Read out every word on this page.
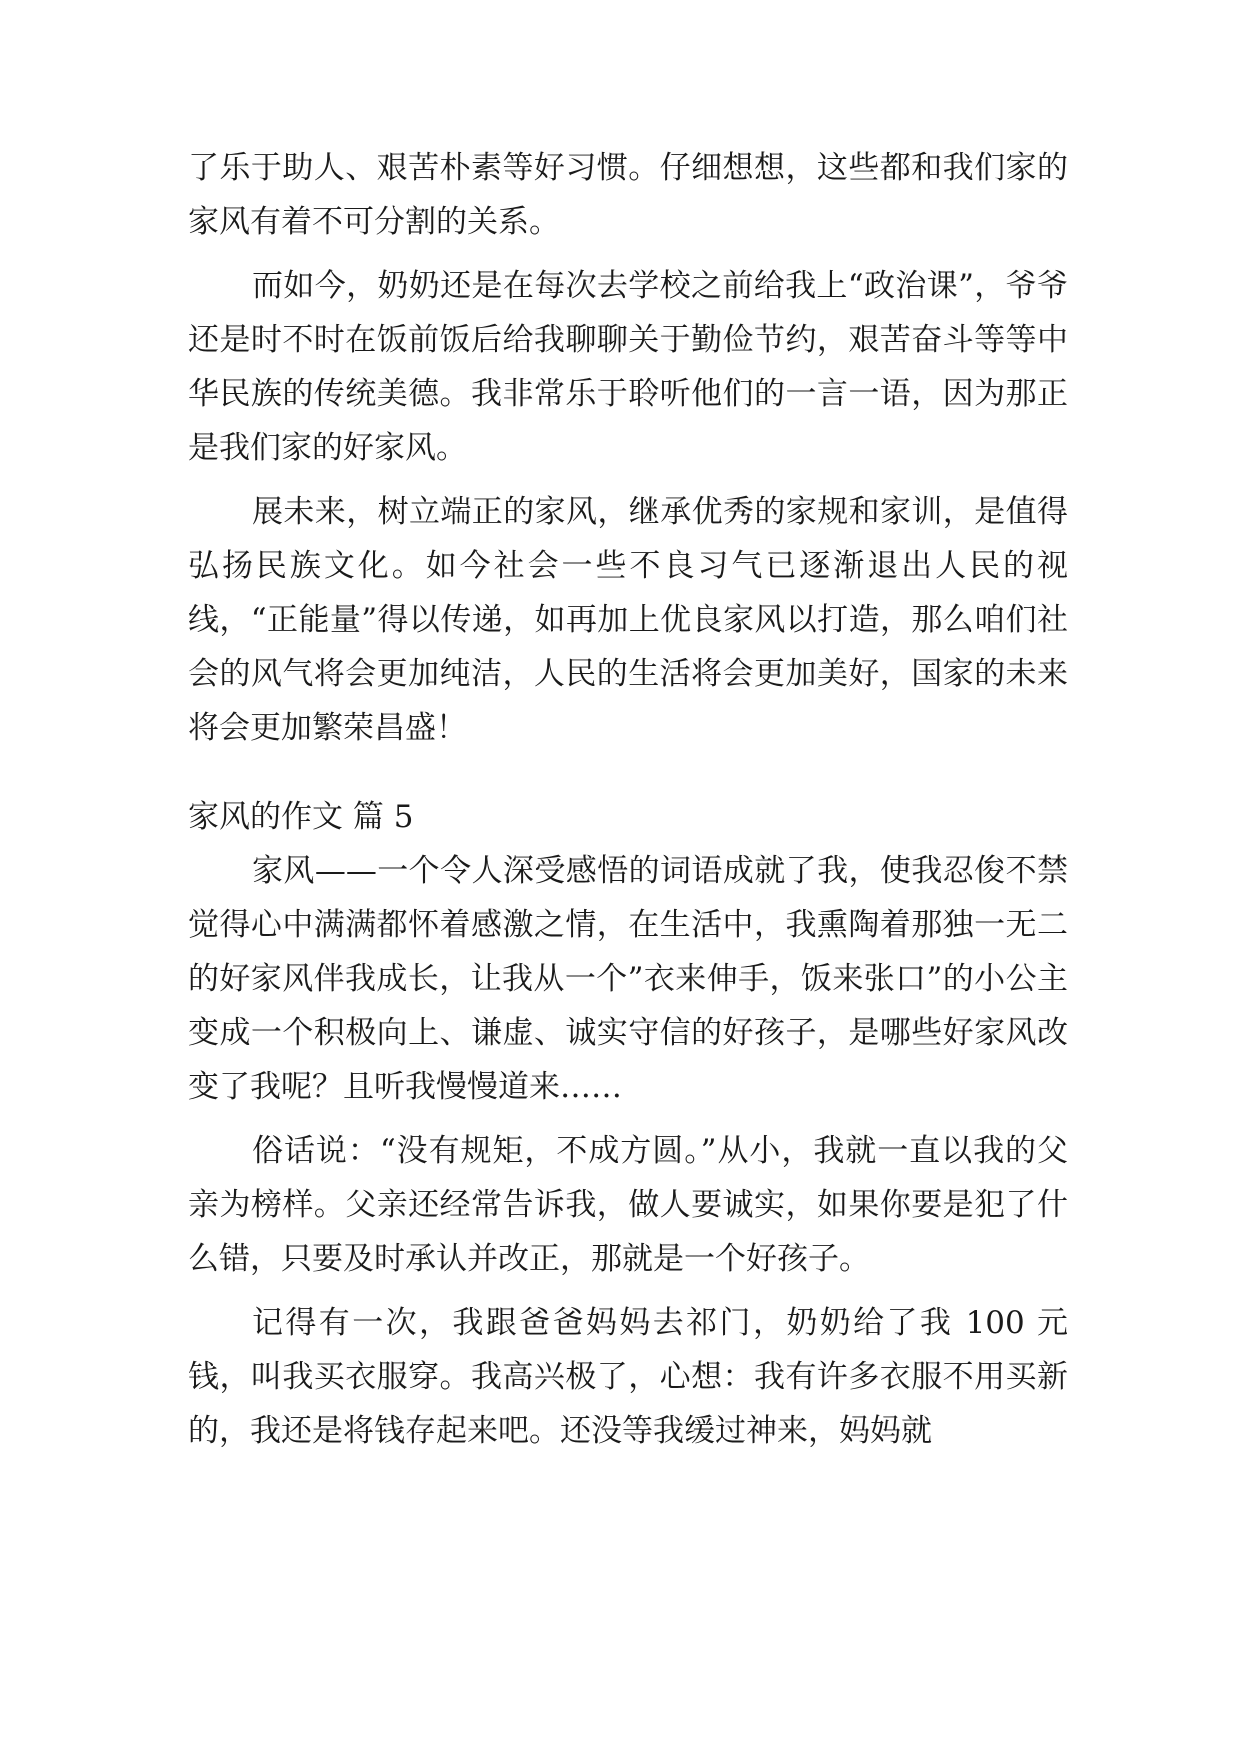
了乐于助人、艰苦朴素等好习惯。仔细想想，这些都和我们家的家风有着不可分割的关系。

而如今，奶奶还是在每次去学校之前给我上“政治课”，爷爷还是时不时在饭前饭后给我聊聊关于勤俭节约，艰苦奋斗等等中华民族的传统美德。我非常乐于聆听他们的一言一语，因为那正是我们家的好家风。

展未来，树立端正的家风，继承优秀的家规和家训，是值得弘扬民族文化。如今社会一些不良习气已逐渐退出人民的视线，“正能量”得以传递，如再加上优良家风以打造，那么咱们社会的风气将会更加纯洁，人民的生活将会更加美好，国家的未来将会更加繁荣昌盛！

家风的作文 篇 5

家风——一个令人深受感悟的词语成就了我，使我忍俊不禁觉得心中满满都怀着感激之情，在生活中，我熏陶着那独一无二的好家风伴我成长，让我从一个”衣来伸手，饭来张口”的小公主变成一个积极向上、谦虚、诚实守信的好孩子，是哪些好家风改变了我呢？且听我慢慢道来……

俗话说：“没有规矩，不成方圆。”从小，我就一直以我的父亲为榜样。父亲还经常告诉我，做人要诚实，如果你要是犯了什么错，只要及时承认并改正，那就是一个好孩子。

记得有一次，我跟爸爸妈妈去祁门，奶奶给了我 100 元钱，叫我买衣服穿。我高兴极了，心想：我有许多衣服不用买新的，我还是将钱存起来吧。还没等我缓过神来，妈妈就
